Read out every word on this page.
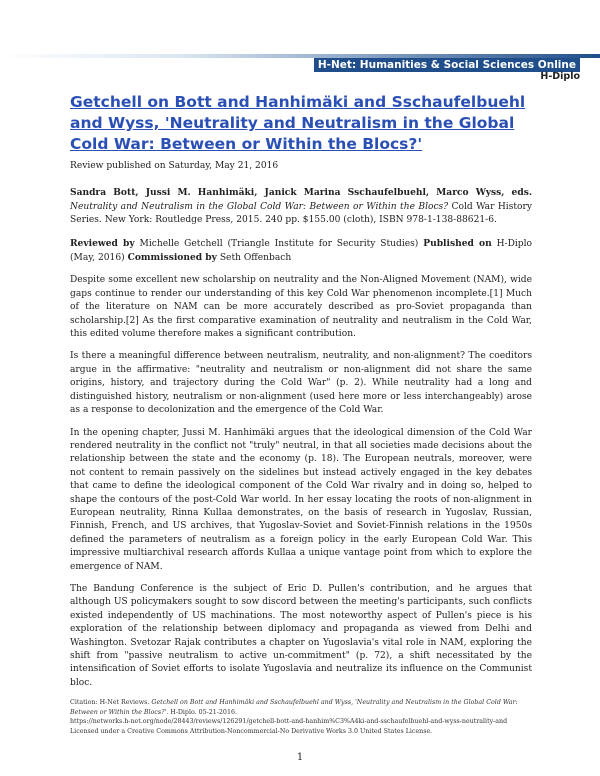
H-Net: Humanities & Social Sciences Online
H-Diplo
Getchell on Bott and Hanhimäki and Sschaufelbuehl and Wyss, 'Neutrality and Neutralism in the Global Cold War: Between or Within the Blocs?'

Review published on Saturday, May 21, 2016

Sandra Bott, Jussi M. Hanhimäki, Janick Marina Sschaufelbuehl, Marco Wyss, eds. Neutrality and Neutralism in the Global Cold War: Between or Within the Blocs? Cold War History Series. New York: Routledge Press, 2015. 240 pp. $155.00 (cloth), ISBN 978-1-138-88621-6.

Reviewed by Michelle Getchell (Triangle Institute for Security Studies) Published on H-Diplo (May, 2016) Commissioned by Seth Offenbach

Despite some excellent new scholarship on neutrality and the Non-Aligned Movement (NAM), wide gaps continue to render our understanding of this key Cold War phenomenon incomplete.[1] Much of the literature on NAM can be more accurately described as pro-Soviet propaganda than scholarship.[2] As the first comparative examination of neutrality and neutralism in the Cold War, this edited volume therefore makes a significant contribution.

Is there a meaningful difference between neutralism, neutrality, and non-alignment? The coeditors argue in the affirmative: "neutrality and neutralism or non-alignment did not share the same origins, history, and trajectory during the Cold War" (p. 2). While neutrality had a long and distinguished history, neutralism or non-alignment (used here more or less interchangeably) arose as a response to decolonization and the emergence of the Cold War.

In the opening chapter, Jussi M. Hanhimäki argues that the ideological dimension of the Cold War rendered neutrality in the conflict not "truly" neutral, in that all societies made decisions about the relationship between the state and the economy (p. 18). The European neutrals, moreover, were not content to remain passively on the sidelines but instead actively engaged in the key debates that came to define the ideological component of the Cold War rivalry and in doing so, helped to shape the contours of the post-Cold War world. In her essay locating the roots of non-alignment in European neutrality, Rinna Kullaa demonstrates, on the basis of research in Yugoslav, Russian, Finnish, French, and US archives, that Yugoslav-Soviet and Soviet-Finnish relations in the 1950s defined the parameters of neutralism as a foreign policy in the early European Cold War. This impressive multiarchival research affords Kullaa a unique vantage point from which to explore the emergence of NAM.

The Bandung Conference is the subject of Eric D. Pullen's contribution, and he argues that although US policymakers sought to sow discord between the meeting's participants, such conflicts existed independently of US machinations. The most noteworthy aspect of Pullen's piece is his exploration of the relationship between diplomacy and propaganda as viewed from Delhi and Washington. Svetozar Rajak contributes a chapter on Yugoslavia's vital role in NAM, exploring the shift from "passive neutralism to active un-commitment" (p. 72), a shift necessitated by the intensification of Soviet efforts to isolate Yugoslavia and neutralize its influence on the Communist bloc.

Citation: H-Net Reviews. Getchell on Bott and Hanhimäki and Sschaufelbuehl and Wyss, 'Neutrality and Neutralism in the Global Cold War: Between or Within the Blocs?'. H-Diplo. 05-21-2016.
https://networks.h-net.org/node/28443/reviews/126291/getchell-bott-and-hanhim%C3%A4ki-and-sschaufelbuehl-and-wyss-neutrality-and
Licensed under a Creative Commons Attribution-Noncommercial-No Derivative Works 3.0 United States License.
1
